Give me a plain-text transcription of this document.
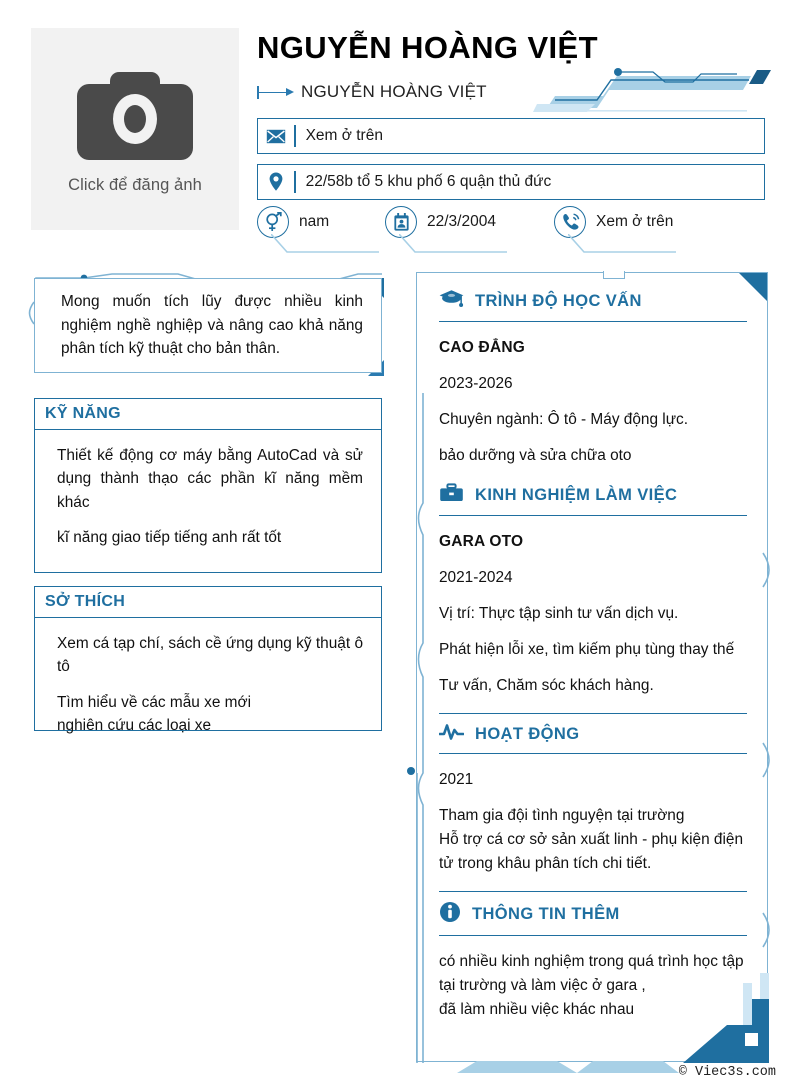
Click để đăng ảnh
NGUYỄN HOÀNG VIỆT
NGUYỄN HOÀNG VIỆT
Xem ở trên
22/58b tổ 5 khu phố 6 quận thủ đức
nam	22/3/2004	Xem ở trên
Mong muốn tích lũy được nhiều kinh nghiệm nghề nghiệp và nâng cao khả năng phân tích kỹ thuật cho bản thân.
KỸ NĂNG

Thiết kế động cơ máy bằng AutoCad và sử dụng thành thạo các phần kĩ năng mềm khác

kĩ năng giao tiếp tiếng anh rất tốt

SỞ THÍCH

Xem cá tạp chí, sách cề ứng dụng kỹ thuật ô tô

Tìm hiểu về các mẫu xe mới

nghiên cứu các loại xe

TRÌNH ĐỘ HỌC VẤN

CAO ĐẲNG

2023-2026

Chuyên ngành: Ô tô - Máy động lực.

bảo dưỡng và sửa chữa oto

KINH NGHIỆM LÀM VIỆC

GARA OTO

2021-2024

Vị trí: Thực tập sinh tư vấn dịch vụ.

Phát hiện lỗi xe, tìm kiếm phụ tùng thay thế

Tư vấn, Chăm sóc khách hàng.

HOẠT ĐỘNG

2021

Tham gia đội tình nguyện tại trường

Hỗ trợ cá cơ sở sản xuất linh - phụ kiện điện tử trong khâu phân tích chi tiết.

THÔNG TIN THÊM

có nhiều kinh nghiệm trong quá trình học tập tại trường và làm việc ở gara ,

đã làm nhiều việc khác nhau

© Viec3s.com
